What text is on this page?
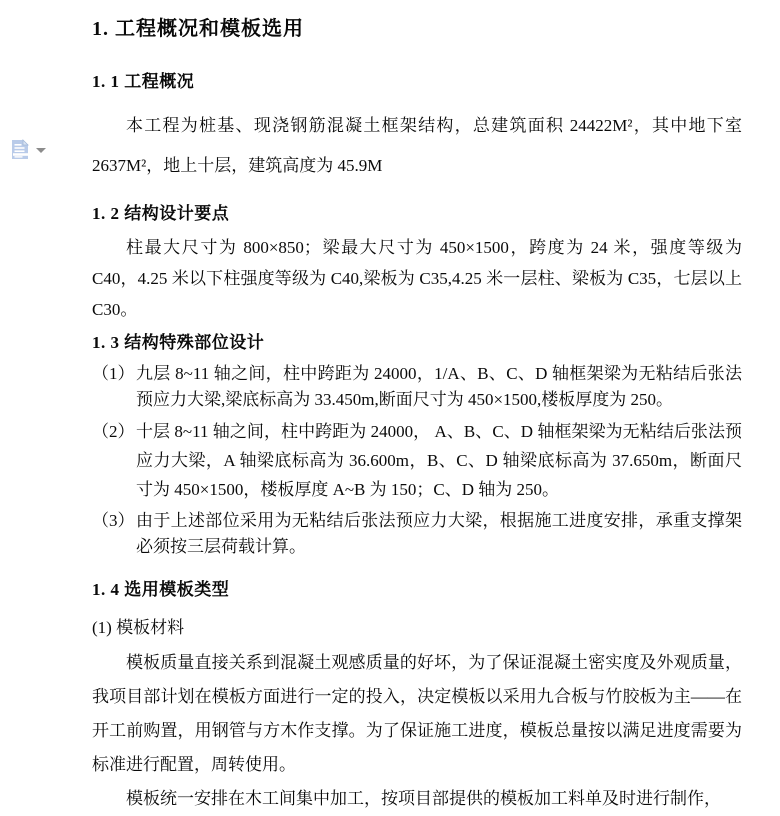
1. 工程概况和模板选用
1. 1 工程概况
本工程为桩基、现浇钢筋混凝土框架结构，总建筑面积 24422M²，其中地下室 2637M²，地上十层，建筑高度为 45.9M
1. 2 结构设计要点
柱最大尺寸为 800×850；梁最大尺寸为 450×1500，跨度为 24 米，强度等级为 C40，4.25 米以下柱强度等级为 C40,梁板为 C35,4.25 米一层柱、梁板为 C35，七层以上 C30。
1. 3 结构特殊部位设计
（1） 九层 8~11 轴之间，柱中跨距为 24000，1/A、B、C、D 轴框架梁为无粘结后张法预应力大梁,梁底标高为 33.450m,断面尺寸为 450×1500,楼板厚度为 250。
（2） 十层 8~11 轴之间，柱中跨距为 24000， A、B、C、D 轴框架梁为无粘结后张法预应力大梁，A 轴梁底标高为 36.600m，B、C、D 轴梁底标高为 37.650m，断面尺寸为 450×1500，楼板厚度 A~B 为 150；C、D 轴为 250。
（3） 由于上述部位采用为无粘结后张法预应力大梁，根据施工进度安排，承重支撑架必须按三层荷载计算。
1. 4 选用模板类型
(1) 模板材料
模板质量直接关系到混凝土观感质量的好坏，为了保证混凝土密实度及外观质量，我项目部计划在模板方面进行一定的投入，决定模板以采用九合板与竹胶板为主——在开工前购置，用钢管与方木作支撑。为了保证施工进度，模板总量按以满足进度需要为标准进行配置，周转使用。
模板统一安排在木工间集中加工，按项目部提供的模板加工料单及时进行制作，
